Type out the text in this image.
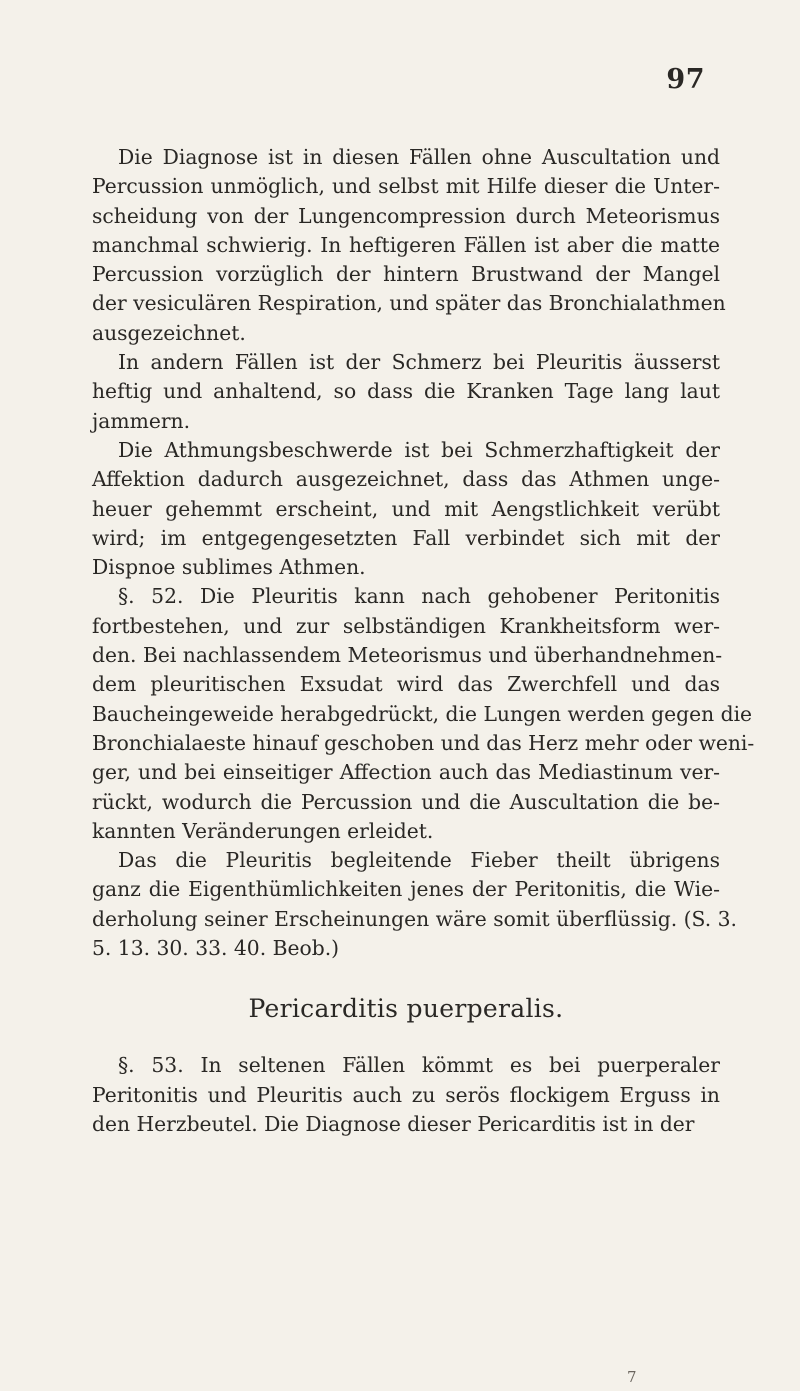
97
Die Diagnose ist in diesen Fällen ohne Auscultation und
Percussion unmöglich, und selbst mit Hilfe dieser die Unter-
scheidung von der Lungencompression durch Meteorismus
manchmal schwierig. In heftigeren Fällen ist aber die matte
Percussion vorzüglich der hintern Brustwand der Mangel
der vesiculären Respiration, und später das Bronchialathmen
ausgezeichnet.
In andern Fällen ist der Schmerz bei Pleuritis äusserst
heftig und anhaltend, so dass die Kranken Tage lang laut
jammern.
Die Athmungsbeschwerde ist bei Schmerzhaftigkeit der
Affektion dadurch ausgezeichnet, dass das Athmen unge-
heuer gehemmt erscheint, und mit Aengstlichkeit verübt
wird; im entgegengesetzten Fall verbindet sich mit der
Dispnoe sublimes Athmen.
§. 52. Die Pleuritis kann nach gehobener Peritonitis
fortbestehen, und zur selbständigen Krankheitsform wer-
den. Bei nachlassendem Meteorismus und überhandnehmen-
dem pleuritischen Exsudat wird das Zwerchfell und das
Baucheingeweide herabgedrückt, die Lungen werden gegen die
Bronchialaeste hinauf geschoben und das Herz mehr oder weni-
ger, und bei einseitiger Affection auch das Mediastinum ver-
rückt, wodurch die Percussion und die Auscultation die be-
kannten Veränderungen erleidet.
Das die Pleuritis begleitende Fieber theilt übrigens
ganz die Eigenthümlichkeiten jenes der Peritonitis, die Wie-
derholung seiner Erscheinungen wäre somit überflüssig. (S. 3.
5. 13. 30. 33. 40. Beob.)
Pericarditis puerperalis.
§. 53. In seltenen Fällen kömmt es bei puerperaler
Peritonitis und Pleuritis auch zu serös flockigem Erguss in
den Herzbeutel. Die Diagnose dieser Pericarditis ist in der
7
